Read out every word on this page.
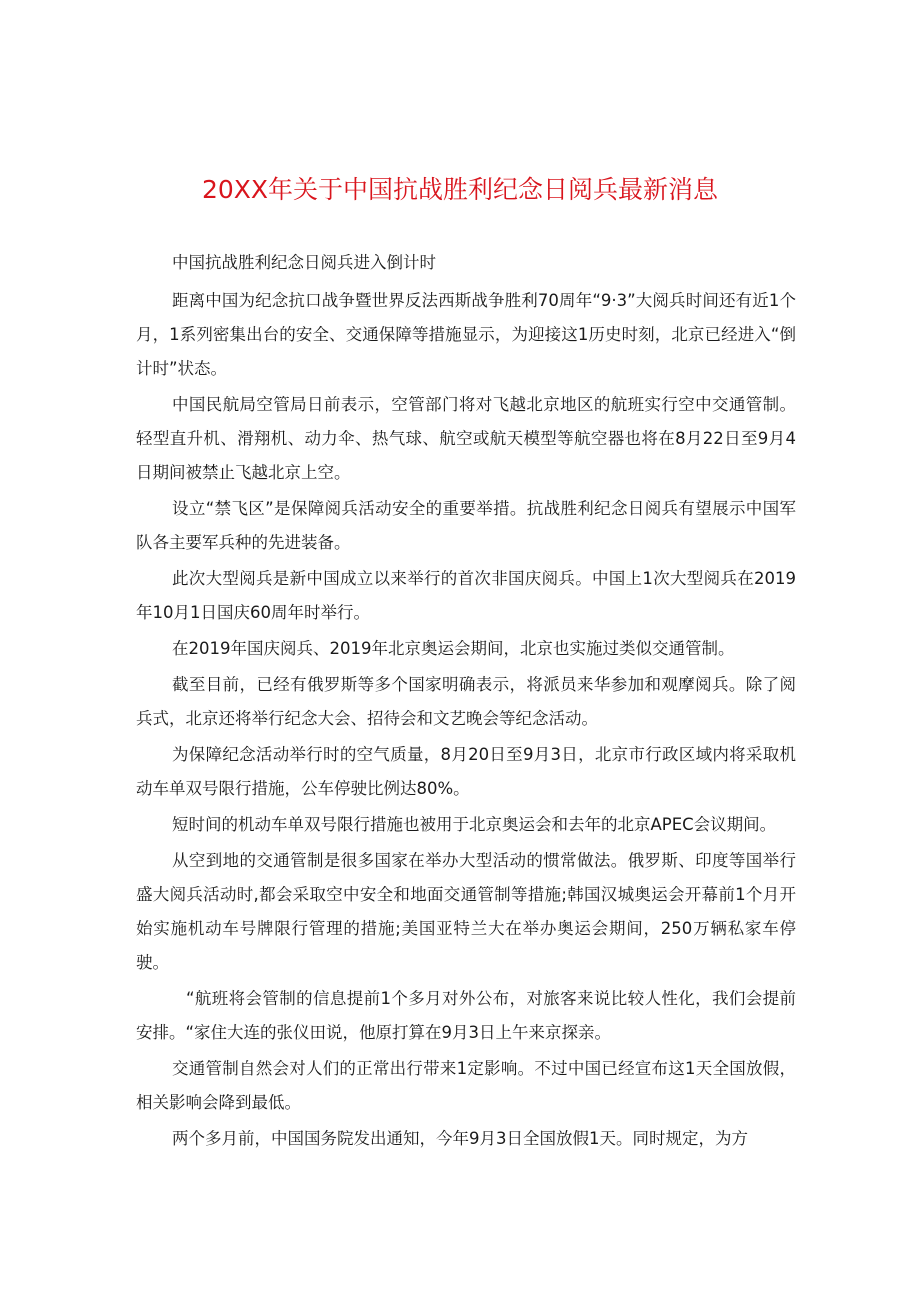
20XX年关于中国抗战胜利纪念日阅兵最新消息
中国抗战胜利纪念日阅兵进入倒计时

距离中国为纪念抗口战争暨世界反法西斯战争胜利70周年“9·3”大阅兵时间还有近1个月，1系列密集出台的安全、交通保障等措施显示，为迎接这1历史时刻，北京已经进入“倒计时”状态。

中国民航局空管局日前表示，空管部门将对飞越北京地区的航班实行空中交通管制。轻型直升机、滑翔机、动力伞、热气球、航空或航天模型等航空器也将在8月22日至9月4日期间被禁止飞越北京上空。

设立“禁飞区”是保障阅兵活动安全的重要举措。抗战胜利纪念日阅兵有望展示中国军队各主要军兵种的先进装备。

此次大型阅兵是新中国成立以来举行的首次非国庆阅兵。中国上1次大型阅兵在2019年10月1日国庆60周年时举行。

在2019年国庆阅兵、2019年北京奥运会期间，北京也实施过类似交通管制。

截至目前，已经有俄罗斯等多个国家明确表示，将派员来华参加和观摩阅兵。除了阅兵式，北京还将举行纪念大会、招待会和文艺晚会等纪念活动。

为保障纪念活动举行时的空气质量，8月20日至9月3日，北京市行政区域内将采取机动车单双号限行措施，公车停驶比例达80%。

短时间的机动车单双号限行措施也被用于北京奥运会和去年的北京APEC会议期间。

从空到地的交通管制是很多国家在举办大型活动的惯常做法。俄罗斯、印度等国举行盛大阅兵活动时,都会采取空中安全和地面交通管制等措施;韩国汉城奥运会开幕前1个月开始实施机动车号牌限行管理的措施;美国亚特兰大在举办奥运会期间，250万辆私家车停驶。

“航班将会管制的信息提前1个多月对外公布，对旅客来说比较人性化，我们会提前安排。“家住大连的张仪田说，他原打算在9月3日上午来京探亲。

交通管制自然会对人们的正常出行带来1定影响。不过中国已经宣布这1天全国放假，相关影响会降到最低。

两个多月前，中国国务院发出通知，今年9月3日全国放假1天。同时规定，为方
